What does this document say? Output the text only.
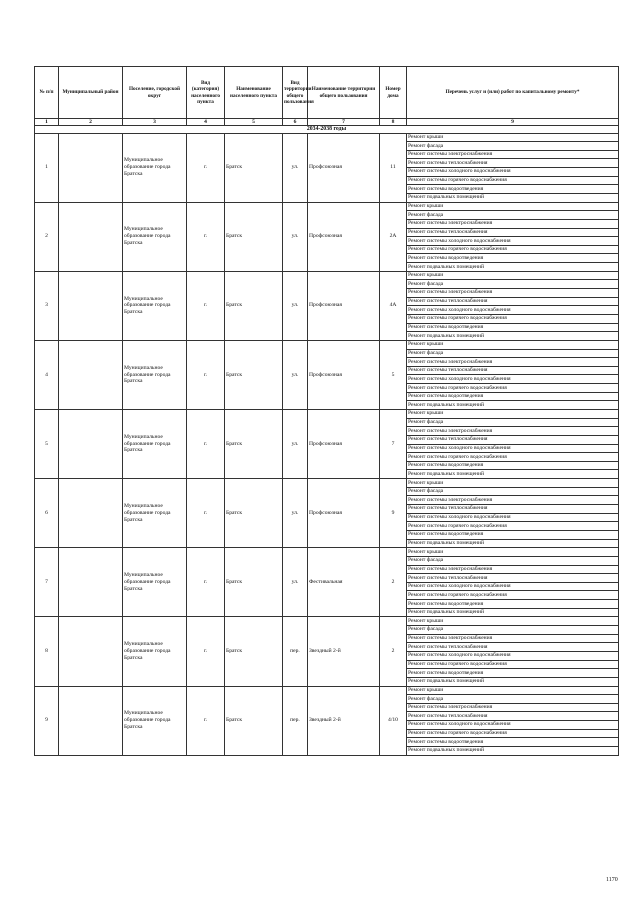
№ п/п	Муниципальный район	Поселение, городской округ	Вид (категория) населенного пункта	Наименование населенного пункта	Вид территории общего пользования	Наименование территории общего пользования	Номер дома	Перечень услуг и (или) работ по капитальному ремонту*
1	2	3	4	5	6	7	8	9
2034-2038 годы								
1		Муниципальное образование города Братска	г.	Братск	ул.	Профсоюзная	11	Ремонт крыши
								Ремонт фасада
								Ремонт системы электроснабжения
								Ремонт системы теплоснабжения
								Ремонт системы холодного водоснабжения
								Ремонт системы горячего водоснабжения
								Ремонт системы водоотведения
								Ремонт подвальных помещений
2		Муниципальное образование города Братска	г.	Братск	ул.	Профсоюзная	2А	Ремонт крыши
								Ремонт фасада
								Ремонт системы электроснабжения
								Ремонт системы теплоснабжения
								Ремонт системы холодного водоснабжения
								Ремонт системы горячего водоснабжения
								Ремонт системы водоотведения
								Ремонт подвальных помещений
3		Муниципальное образование города Братска	г.	Братск	ул.	Профсоюзная	4А	Ремонт крыши
								Ремонт фасада
								Ремонт системы электроснабжения
								Ремонт системы теплоснабжения
								Ремонт системы холодного водоснабжения
								Ремонт системы горячего водоснабжения
								Ремонт системы водоотведения
								Ремонт подвальных помещений
4		Муниципальное образование города Братска	г.	Братск	ул.	Профсоюзная	5	Ремонт крыши
								Ремонт фасада
								Ремонт системы электроснабжения
								Ремонт системы теплоснабжения
								Ремонт системы холодного водоснабжения
								Ремонт системы горячего водоснабжения
								Ремонт системы водоотведения
								Ремонт подвальных помещений
5		Муниципальное образование города Братска	г.	Братск	ул.	Профсоюзная	7	Ремонт крыши
								Ремонт фасада
								Ремонт системы электроснабжения
								Ремонт системы теплоснабжения
								Ремонт системы холодного водоснабжения
								Ремонт системы горячего водоснабжения
								Ремонт системы водоотведения
								Ремонт подвальных помещений
6		Муниципальное образование города Братска	г.	Братск	ул.	Профсоюзная	9	Ремонт крыши
								Ремонт фасада
								Ремонт системы электроснабжения
								Ремонт системы теплоснабжения
								Ремонт системы холодного водоснабжения
								Ремонт системы горячего водоснабжения
								Ремонт системы водоотведения
								Ремонт подвальных помещений
7		Муниципальное образование города Братска	г.	Братск	ул.	Фестивальная	2	Ремонт крыши
								Ремонт фасада
								Ремонт системы электроснабжения
								Ремонт системы теплоснабжения
								Ремонт системы холодного водоснабжения
								Ремонт системы горячего водоснабжения
								Ремонт системы водоотведения
								Ремонт подвальных помещений
8		Муниципальное образование города Братска	г.	Братск	пер.	Звездный 2-й	2	Ремонт крыши
								Ремонт фасада
								Ремонт системы электроснабжения
								Ремонт системы теплоснабжения
								Ремонт системы холодного водоснабжения
								Ремонт системы горячего водоснабжения
								Ремонт системы водоотведения
								Ремонт подвальных помещений
9		Муниципальное образование города Братска	г.	Братск	пер.	Звездный 2-й	4/10	Ремонт крыши
								Ремонт фасада
								Ремонт системы электроснабжения
								Ремонт системы теплоснабжения
								Ремонт системы холодного водоснабжения
								Ремонт системы горячего водоснабжения
								Ремонт системы водоотведения
								Ремонт подвальных помещений
1170
